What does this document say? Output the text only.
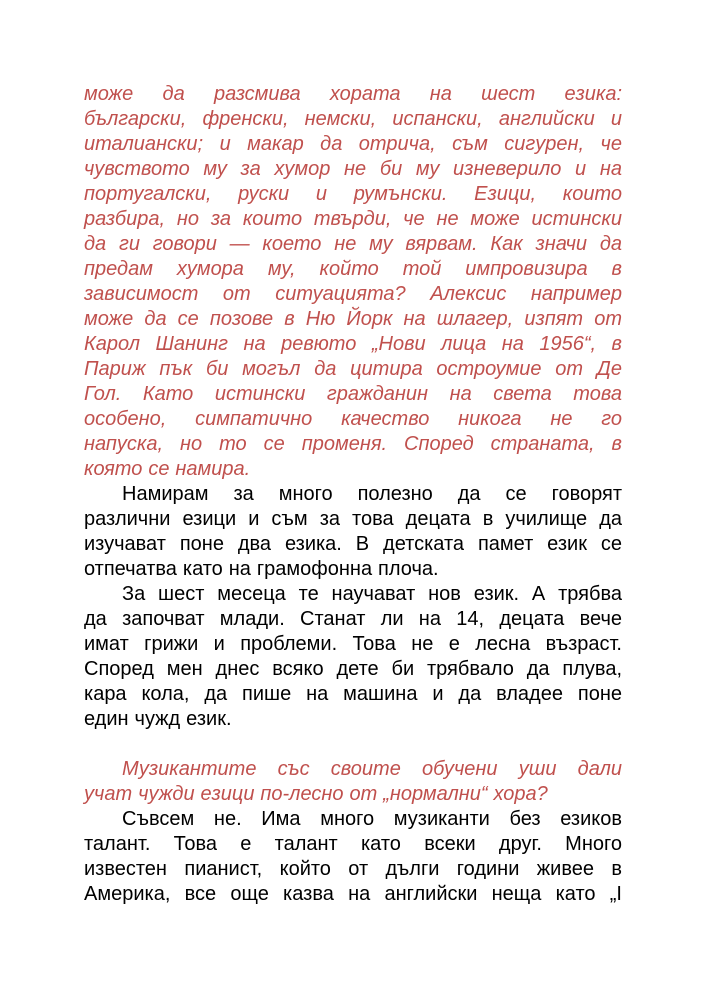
може да разсмива хората на шест езика:
български, френски, немски, испански, английски и
италиански; и макар да отрича, съм сигурен, че
чувството му за хумор не би му изневерило и на
португалски, руски и румънски. Езици, които
разбира, но за които твърди, че не може истински
да ги говори — което не му вярвам. Как значи да
предам хумора му, който той импровизира в
зависимост от ситуацията? Алексис например
може да се позове в Ню Йорк на шлагер, изпят от
Карол Шанинг на ревюто „Нови лица на 1956“, в
Париж пък би могъл да цитира остроумие от Де
Гол. Като истински гражданин на света това
особено, симпатично качество никога не го
напуска, но то се променя. Според страната, в
която се намира.
Намирам за много полезно да се говорят
различни езици и съм за това децата в училище да
изучават поне два езика. В детската памет език се
отпечатва като на грамофонна плоча.
За шест месеца те научават нов език. А трябва
да започват млади. Станат ли на 14, децата вече
имат грижи и проблеми. Това не е лесна възраст.
Според мен днес всяко дете би трябвало да плува,
кара кола, да пише на машина и да владее поне
един чужд език.
Музикантите със своите обучени уши дали
учат чужди езици по-лесно от „нормални“ хора?
Съвсем не. Има много музиканти без езиков
талант. Това е талант като всеки друг. Много
известен пианист, който от дълги години живее в
Америка, все още казва на английски неща като „I
